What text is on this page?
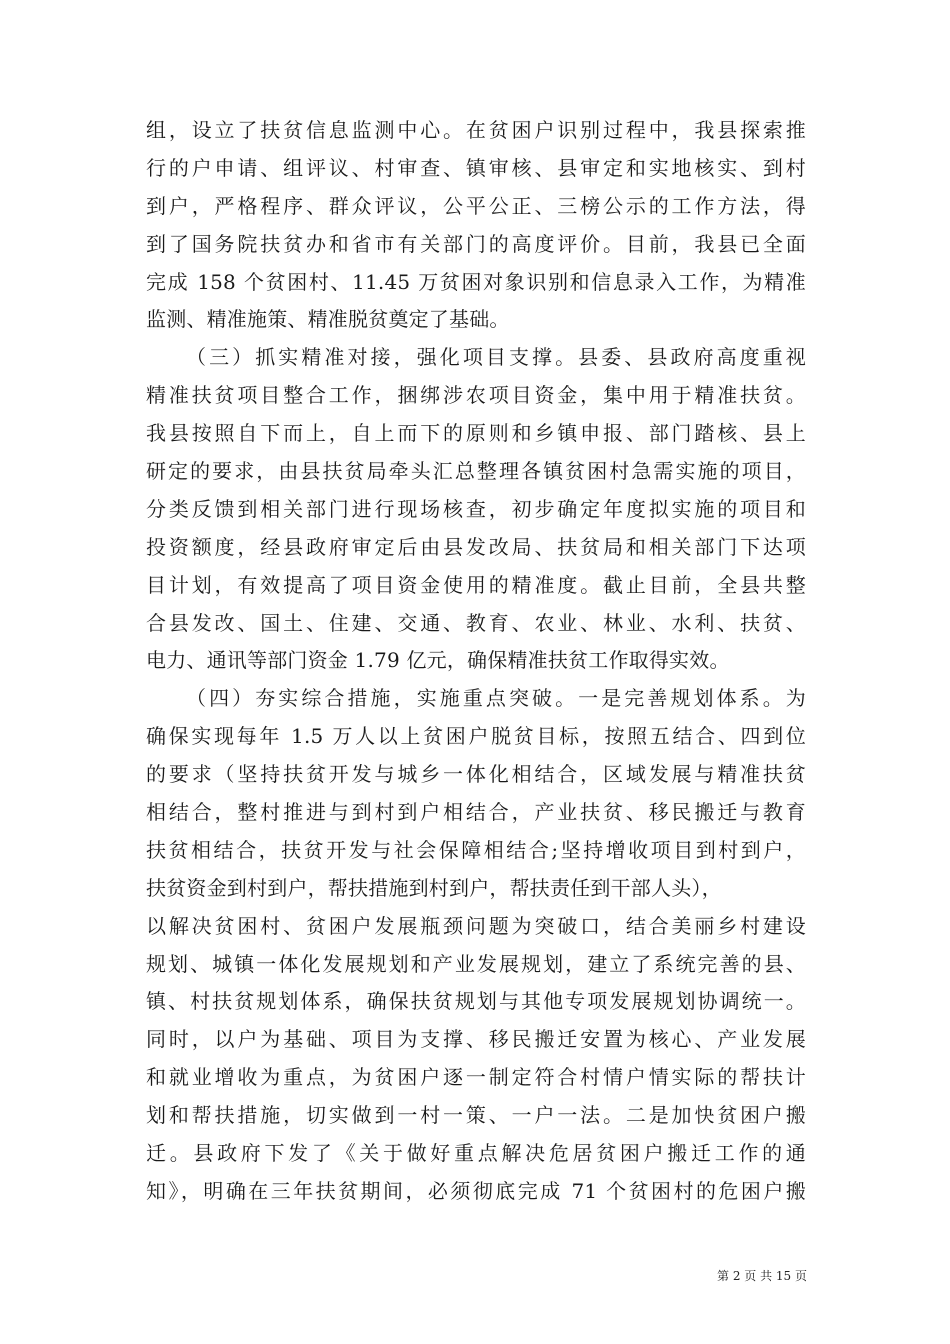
组，设立了扶贫信息监测中心。在贫困户识别过程中，我县探索推
行的户申请、组评议、村审查、镇审核、县审定和实地核实、到村
到户，严格程序、群众评议，公平公正、三榜公示的工作方法，得
到了国务院扶贫办和省市有关部门的高度评价。目前，我县已全面
完成 158 个贫困村、11.45 万贫困对象识别和信息录入工作，为精准
监测、精准施策、精准脱贫奠定了基础。
（三）抓实精准对接，强化项目支撑。县委、县政府高度重视
精准扶贫项目整合工作，捆绑涉农项目资金，集中用于精准扶贫。
我县按照自下而上，自上而下的原则和乡镇申报、部门踏核、县上
研定的要求，由县扶贫局牵头汇总整理各镇贫困村急需实施的项目，
分类反馈到相关部门进行现场核查，初步确定年度拟实施的项目和
投资额度，经县政府审定后由县发改局、扶贫局和相关部门下达项
目计划，有效提高了项目资金使用的精准度。截止目前，全县共整
合县发改、国土、住建、交通、教育、农业、林业、水利、扶贫、
电力、通讯等部门资金 1.79 亿元，确保精准扶贫工作取得实效。
（四）夯实综合措施，实施重点突破。一是完善规划体系。为
确保实现每年 1.5 万人以上贫困户脱贫目标，按照五结合、四到位
的要求（坚持扶贫开发与城乡一体化相结合，区域发展与精准扶贫
相结合，整村推进与到村到户相结合，产业扶贫、移民搬迁与教育
扶贫相结合，扶贫开发与社会保障相结合;坚持增收项目到村到户，
扶贫资金到村到户，帮扶措施到村到户，帮扶责任到干部人头），
以解决贫困村、贫困户发展瓶颈问题为突破口，结合美丽乡村建设
规划、城镇一体化发展规划和产业发展规划，建立了系统完善的县、
镇、村扶贫规划体系，确保扶贫规划与其他专项发展规划协调统一。
同时，以户为基础、项目为支撑、移民搬迁安置为核心、产业发展
和就业增收为重点，为贫困户逐一制定符合村情户情实际的帮扶计
划和帮扶措施，切实做到一村一策、一户一法。二是加快贫困户搬
迁。县政府下发了《关于做好重点解决危居贫困户搬迁工作的通
知》，明确在三年扶贫期间，必须彻底完成 71 个贫困村的危困户搬
第 2 页 共 15 页
